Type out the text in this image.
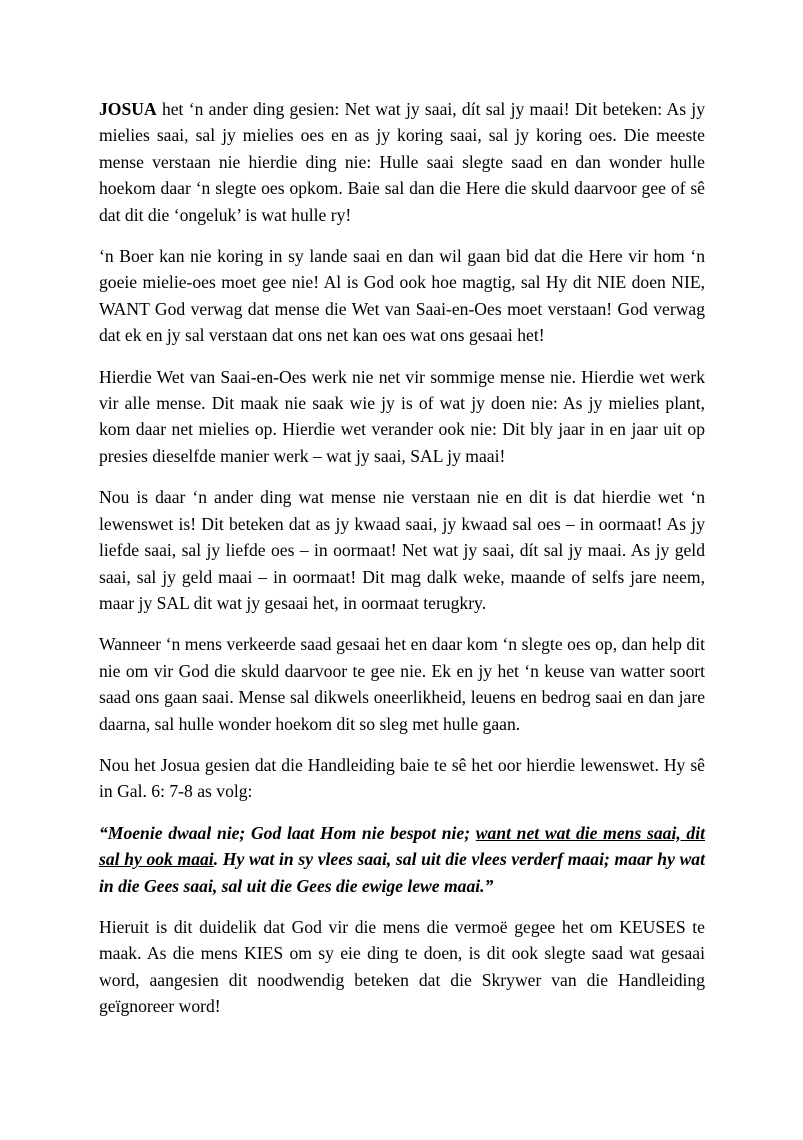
JOSUA het ‘n ander ding gesien: Net wat jy saai, dít sal jy maai! Dit beteken: As jy mielies saai, sal jy mielies oes en as jy koring saai, sal jy koring oes. Die meeste mense verstaan nie hierdie ding nie: Hulle saai slegte saad en dan wonder hulle hoekom daar ‘n slegte oes opkom. Baie sal dan die Here die skuld daarvoor gee of sê dat dit die ‘ongeluk’ is wat hulle ry!

‘n Boer kan nie koring in sy lande saai en dan wil gaan bid dat die Here vir hom ‘n goeie mielie-oes moet gee nie! Al is God ook hoe magtig, sal Hy dit NIE doen NIE, WANT God verwag dat mense die Wet van Saai-en-Oes moet verstaan! God verwag dat ek en jy sal verstaan dat ons net kan oes wat ons gesaai het!

Hierdie Wet van Saai-en-Oes werk nie net vir sommige mense nie. Hierdie wet werk vir alle mense. Dit maak nie saak wie jy is of wat jy doen nie: As jy mielies plant, kom daar net mielies op. Hierdie wet verander ook nie: Dit bly jaar in en jaar uit op presies dieselfde manier werk – wat jy saai, SAL jy maai!

Nou is daar ‘n ander ding wat mense nie verstaan nie en dit is dat hierdie wet ‘n lewenswet is! Dit beteken dat as jy kwaad saai, jy kwaad sal oes – in oormaat! As jy liefde saai, sal jy liefde oes – in oormaat! Net wat jy saai, dít sal jy maai. As jy geld saai, sal jy geld maai – in oormaat! Dit mag dalk weke, maande of selfs jare neem, maar jy SAL dit wat jy gesaai het, in oormaat terugkry.

Wanneer ‘n mens verkeerde saad gesaai het en daar kom ‘n slegte oes op, dan help dit nie om vir God die skuld daarvoor te gee nie. Ek en jy het ‘n keuse van watter soort saad ons gaan saai. Mense sal dikwels oneerlikheid, leuens en bedrog saai en dan jare daarna, sal hulle wonder hoekom dit so sleg met hulle gaan.

Nou het Josua gesien dat die Handleiding baie te sê het oor hierdie lewenswet. Hy sê in Gal. 6: 7-8 as volg:

“Moenie dwaal nie; God laat Hom nie bespot nie; want net wat die mens saai, dit sal hy ook maai. Hy wat in sy vlees saai, sal uit die vlees verderf maai; maar hy wat in die Gees saai, sal uit die Gees die ewige lewe maai.”

Hieruit is dit duidelik dat God vir die mens die vermoë gegee het om KEUSES te maak. As die mens KIES om sy eie ding te doen, is dit ook slegte saad wat gesaai word, aangesien dit noodwendig beteken dat die Skrywer van die Handleiding geïgnoreer word!
